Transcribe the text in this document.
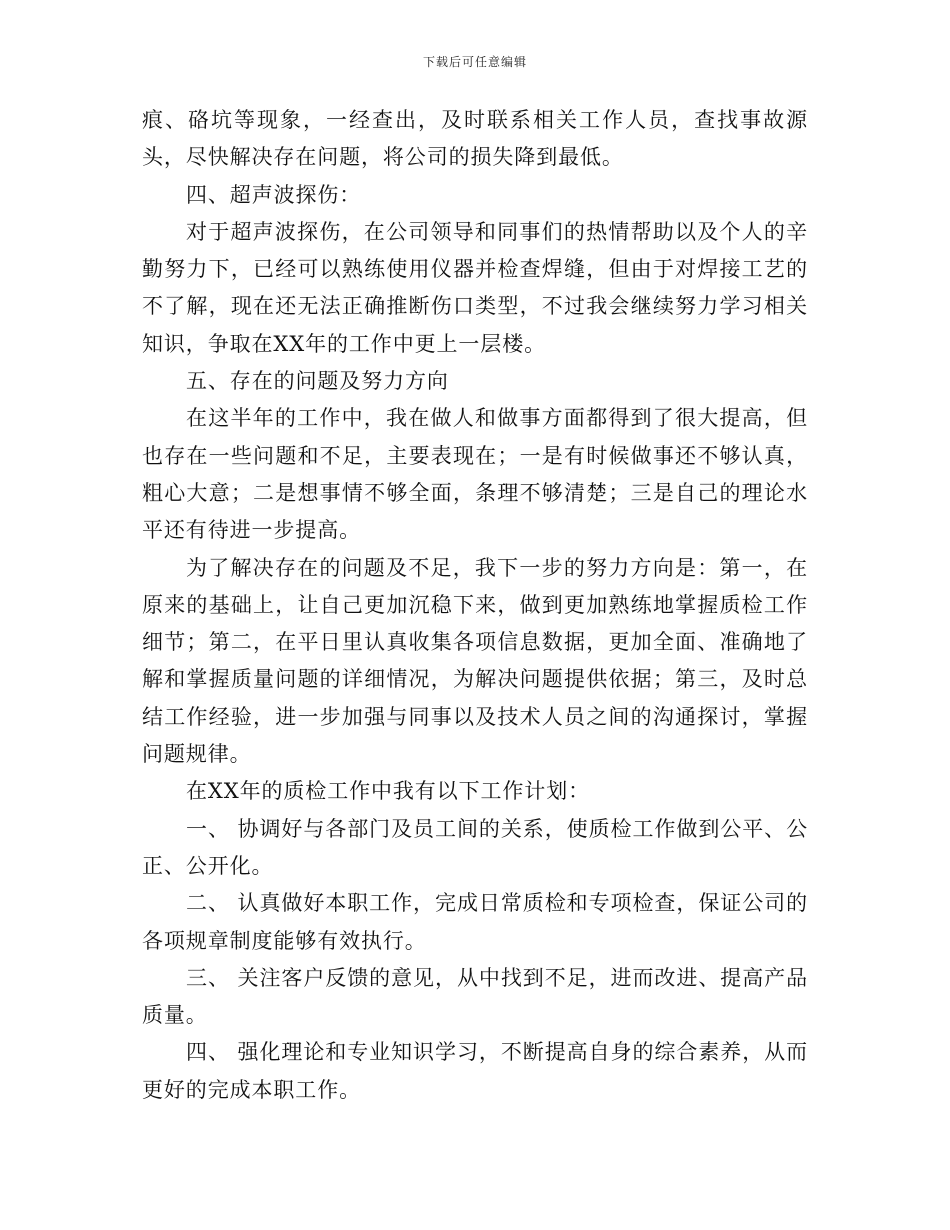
下载后可任意编辑

痕、硌坑等现象，一经查出，及时联系相关工作人员，查找事故源头，尽快解决存在问题，将公司的损失降到最低。

四、超声波探伤：

对于超声波探伤，在公司领导和同事们的热情帮助以及个人的辛勤努力下，已经可以熟练使用仪器并检查焊缝，但由于对焊接工艺的不了解，现在还无法正确推断伤口类型，不过我会继续努力学习相关知识，争取在XX年的工作中更上一层楼。

五、存在的问题及努力方向

在这半年的工作中，我在做人和做事方面都得到了很大提高，但也存在一些问题和不足，主要表现在；一是有时候做事还不够认真，粗心大意；二是想事情不够全面，条理不够清楚；三是自己的理论水平还有待进一步提高。

为了解决存在的问题及不足，我下一步的努力方向是：第一，在原来的基础上，让自己更加沉稳下来，做到更加熟练地掌握质检工作细节；第二，在平日里认真收集各项信息数据，更加全面、准确地了解和掌握质量问题的详细情况，为解决问题提供依据；第三，及时总结工作经验，进一步加强与同事以及技术人员之间的沟通探讨，掌握问题规律。

在XX年的质检工作中我有以下工作计划：

一、 协调好与各部门及员工间的关系，使质检工作做到公平、公正、公开化。

二、 认真做好本职工作，完成日常质检和专项检查，保证公司的各项规章制度能够有效执行。

三、 关注客户反馈的意见，从中找到不足，进而改进、提高产品质量。

四、 强化理论和专业知识学习，不断提高自身的综合素养，从而更好的完成本职工作。
